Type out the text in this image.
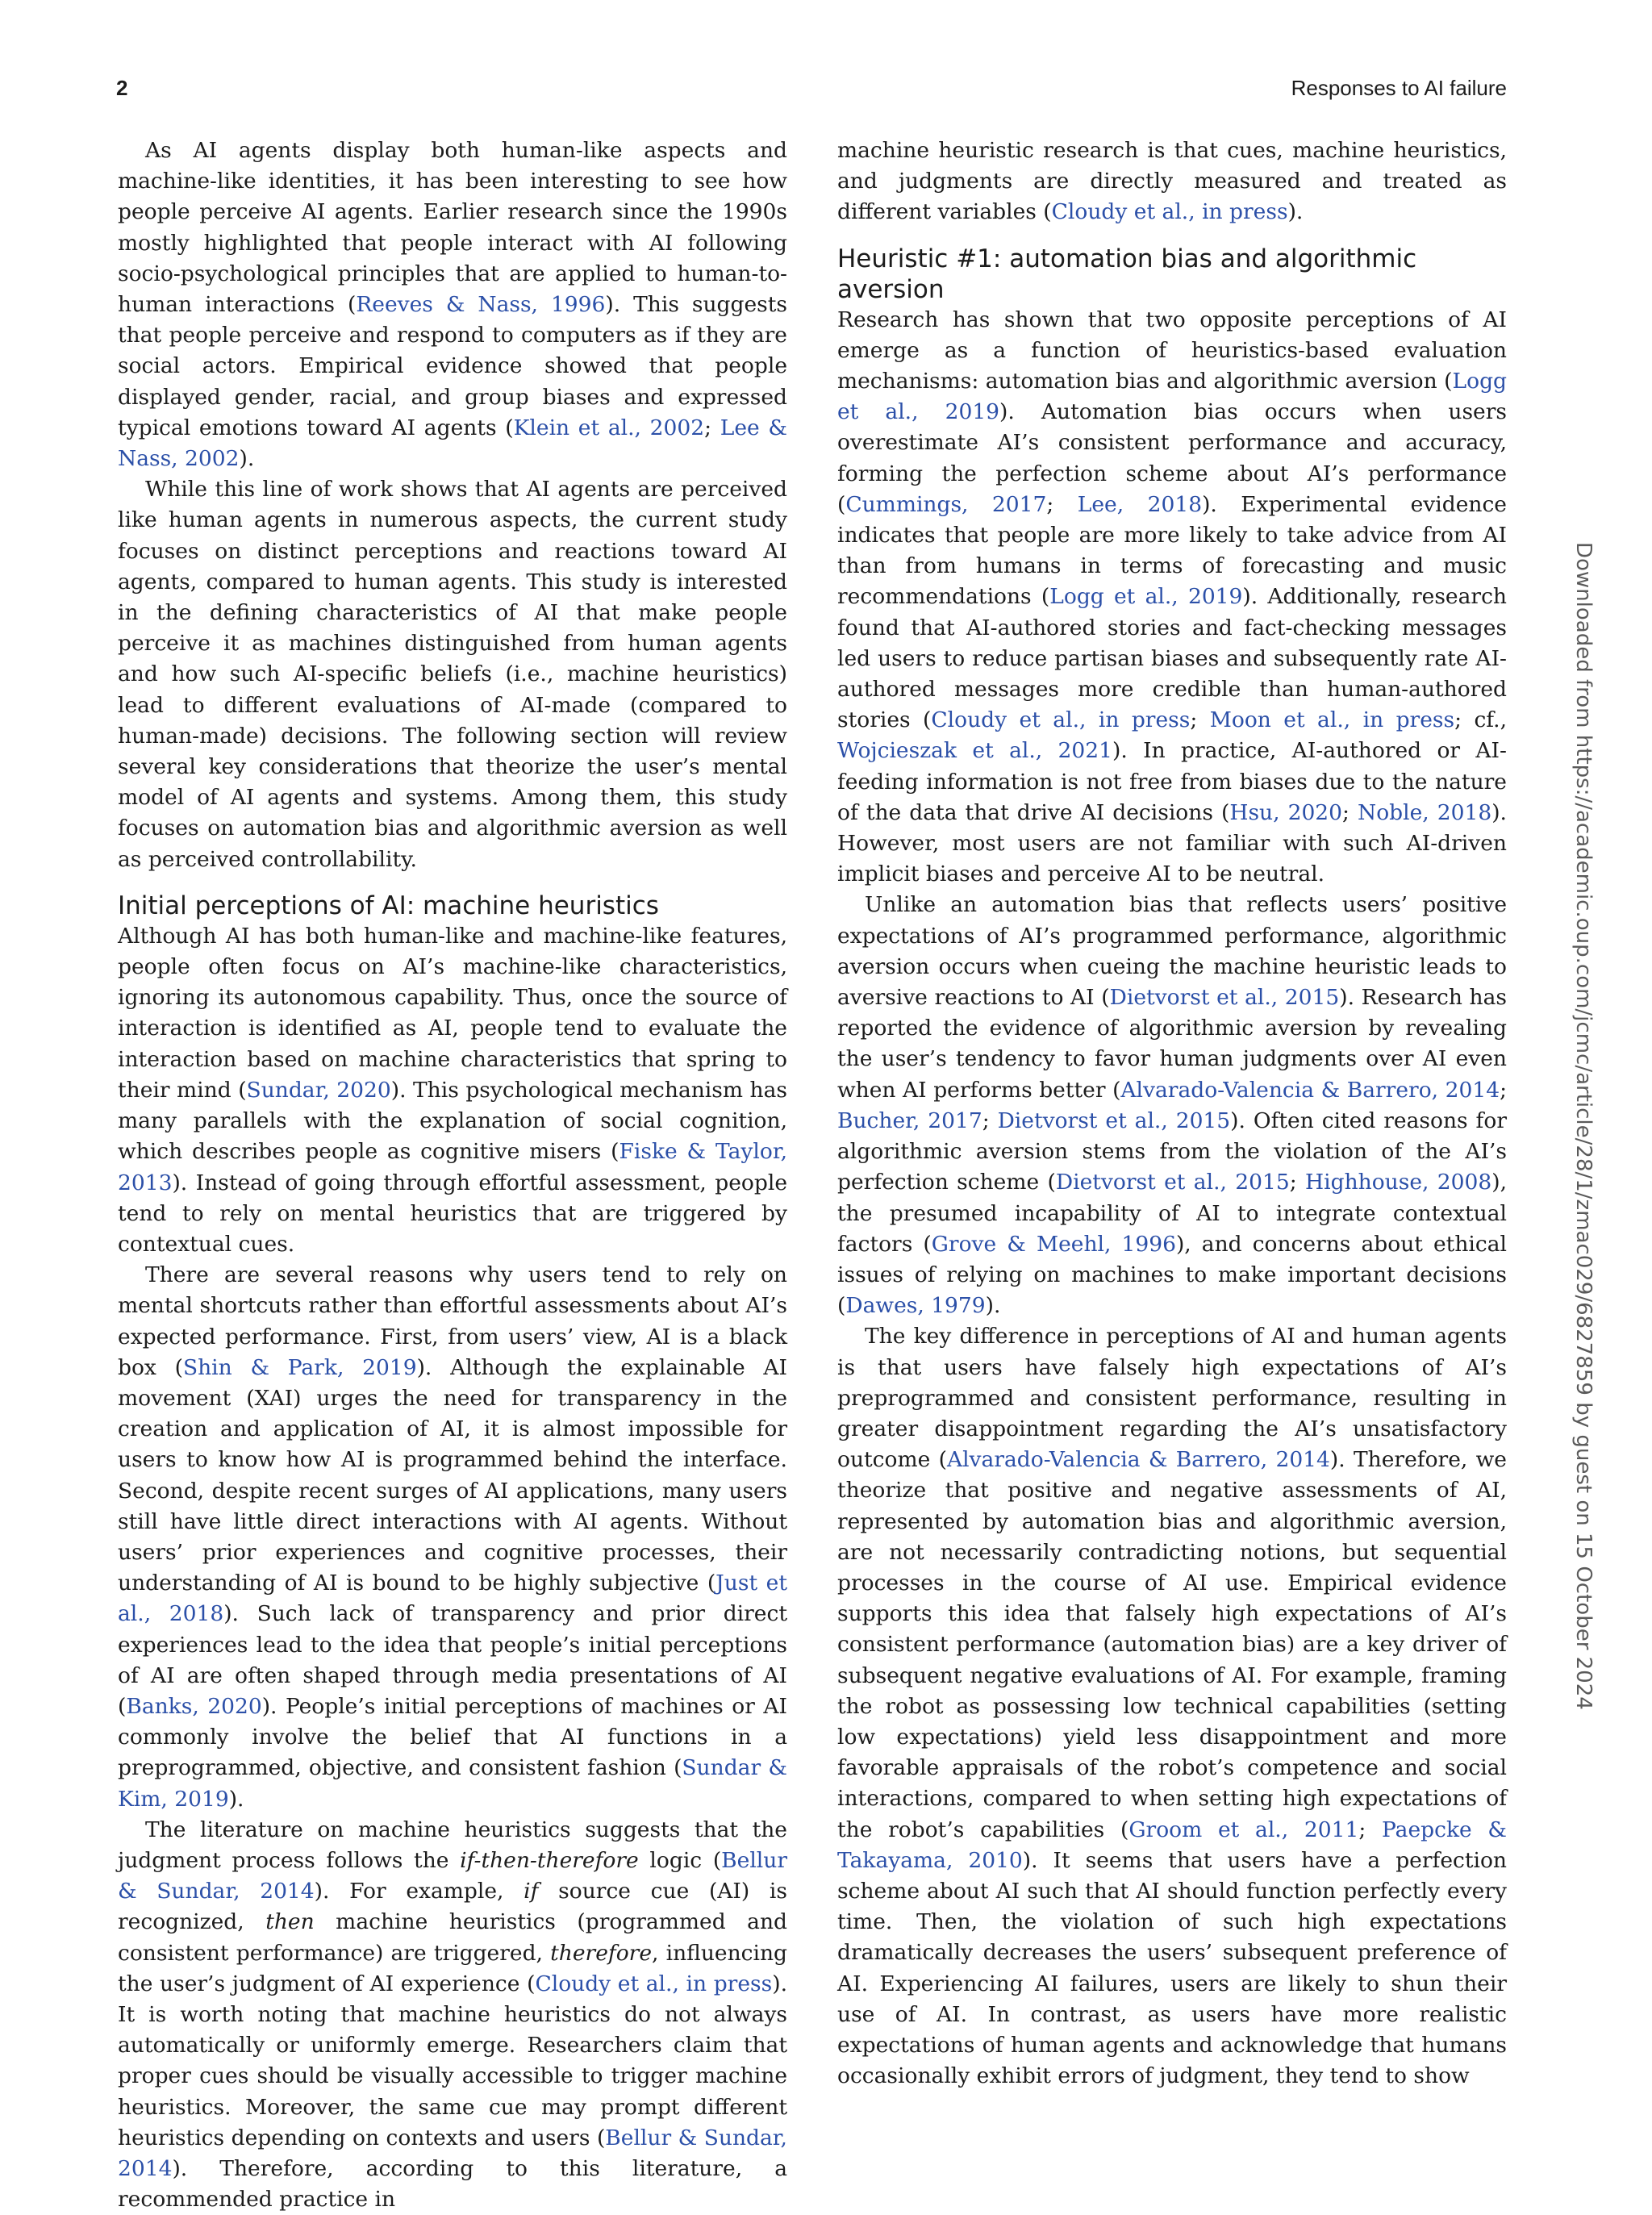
2	Responses to AI failure

As AI agents display both human-like aspects and machine-like identities, it has been interesting to see how people perceive AI agents. Earlier research since the 1990s mostly highlighted that people interact with AI following socio-psychological principles that are applied to human-to-human interactions (Reeves & Nass, 1996). This suggests that people perceive and respond to computers as if they are social actors. Empirical evidence showed that people displayed gender, racial, and group biases and expressed typical emotions toward AI agents (Klein et al., 2002; Lee & Nass, 2002).

While this line of work shows that AI agents are perceived like human agents in numerous aspects, the current study focuses on distinct perceptions and reactions toward AI agents, compared to human agents. This study is interested in the defining characteristics of AI that make people perceive it as machines distinguished from human agents and how such AI-specific beliefs (i.e., machine heuristics) lead to different evaluations of AI-made (compared to human-made) decisions. The following section will review several key considerations that theorize the user’s mental model of AI agents and systems. Among them, this study focuses on automation bias and algorithmic aversion as well as perceived controllability.

Initial perceptions of AI: machine heuristics

Although AI has both human-like and machine-like features, people often focus on AI’s machine-like characteristics, ignoring its autonomous capability. Thus, once the source of interaction is identified as AI, people tend to evaluate the interaction based on machine characteristics that spring to their mind (Sundar, 2020). This psychological mechanism has many parallels with the explanation of social cognition, which describes people as cognitive misers (Fiske & Taylor, 2013). Instead of going through effortful assessment, people tend to rely on mental heuristics that are triggered by contextual cues.

There are several reasons why users tend to rely on mental shortcuts rather than effortful assessments about AI’s expected performance. First, from users’ view, AI is a black box (Shin & Park, 2019). Although the explainable AI movement (XAI) urges the need for transparency in the creation and application of AI, it is almost impossible for users to know how AI is programmed behind the interface. Second, despite recent surges of AI applications, many users still have little direct interactions with AI agents. Without users’ prior experiences and cognitive processes, their understanding of AI is bound to be highly subjective (Just et al., 2018). Such lack of transparency and prior direct experiences lead to the idea that people’s initial perceptions of AI are often shaped through media presentations of AI (Banks, 2020). People’s initial perceptions of machines or AI commonly involve the belief that AI functions in a preprogrammed, objective, and consistent fashion (Sundar & Kim, 2019).

The literature on machine heuristics suggests that the judgment process follows the if-then-therefore logic (Bellur & Sundar, 2014). For example, if source cue (AI) is recognized, then machine heuristics (programmed and consistent performance) are triggered, therefore, influencing the user’s judgment of AI experience (Cloudy et al., in press). It is worth noting that machine heuristics do not always automatically or uniformly emerge. Researchers claim that proper cues should be visually accessible to trigger machine heuristics. Moreover, the same cue may prompt different heuristics depending on contexts and users (Bellur & Sundar, 2014). Therefore, according to this literature, a recommended practice in

machine heuristic research is that cues, machine heuristics, and judgments are directly measured and treated as different variables (Cloudy et al., in press).

Heuristic #1: automation bias and algorithmic aversion

Research has shown that two opposite perceptions of AI emerge as a function of heuristics-based evaluation mechanisms: automation bias and algorithmic aversion (Logg et al., 2019). Automation bias occurs when users overestimate AI’s consistent performance and accuracy, forming the perfection scheme about AI’s performance (Cummings, 2017; Lee, 2018). Experimental evidence indicates that people are more likely to take advice from AI than from humans in terms of forecasting and music recommendations (Logg et al., 2019). Additionally, research found that AI-authored stories and fact-checking messages led users to reduce partisan biases and subsequently rate AI-authored messages more credible than human-authored stories (Cloudy et al., in press; Moon et al., in press; cf., Wojcieszak et al., 2021). In practice, AI-authored or AI-feeding information is not free from biases due to the nature of the data that drive AI decisions (Hsu, 2020; Noble, 2018). However, most users are not familiar with such AI-driven implicit biases and perceive AI to be neutral.

Unlike an automation bias that reflects users’ positive expectations of AI’s programmed performance, algorithmic aversion occurs when cueing the machine heuristic leads to aversive reactions to AI (Dietvorst et al., 2015). Research has reported the evidence of algorithmic aversion by revealing the user’s tendency to favor human judgments over AI even when AI performs better (Alvarado-Valencia & Barrero, 2014; Bucher, 2017; Dietvorst et al., 2015). Often cited reasons for algorithmic aversion stems from the violation of the AI’s perfection scheme (Dietvorst et al., 2015; Highhouse, 2008), the presumed incapability of AI to integrate contextual factors (Grove & Meehl, 1996), and concerns about ethical issues of relying on machines to make important decisions (Dawes, 1979).

The key difference in perceptions of AI and human agents is that users have falsely high expectations of AI’s preprogrammed and consistent performance, resulting in greater disappointment regarding the AI’s unsatisfactory outcome (Alvarado-Valencia & Barrero, 2014). Therefore, we theorize that positive and negative assessments of AI, represented by automation bias and algorithmic aversion, are not necessarily contradicting notions, but sequential processes in the course of AI use. Empirical evidence supports this idea that falsely high expectations of AI’s consistent performance (automation bias) are a key driver of subsequent negative evaluations of AI. For example, framing the robot as possessing low technical capabilities (setting low expectations) yield less disappointment and more favorable appraisals of the robot’s competence and social interactions, compared to when setting high expectations of the robot’s capabilities (Groom et al., 2011; Paepcke & Takayama, 2010). It seems that users have a perfection scheme about AI such that AI should function perfectly every time. Then, the violation of such high expectations dramatically decreases the users’ subsequent preference of AI. Experiencing AI failures, users are likely to shun their use of AI. In contrast, as users have more realistic expectations of human agents and acknowledge that humans occasionally exhibit errors of judgment, they tend to show

Downloaded from https://academic.oup.com/jcmc/article/28/1/zmac029/6827859 by guest on 15 October 2024
